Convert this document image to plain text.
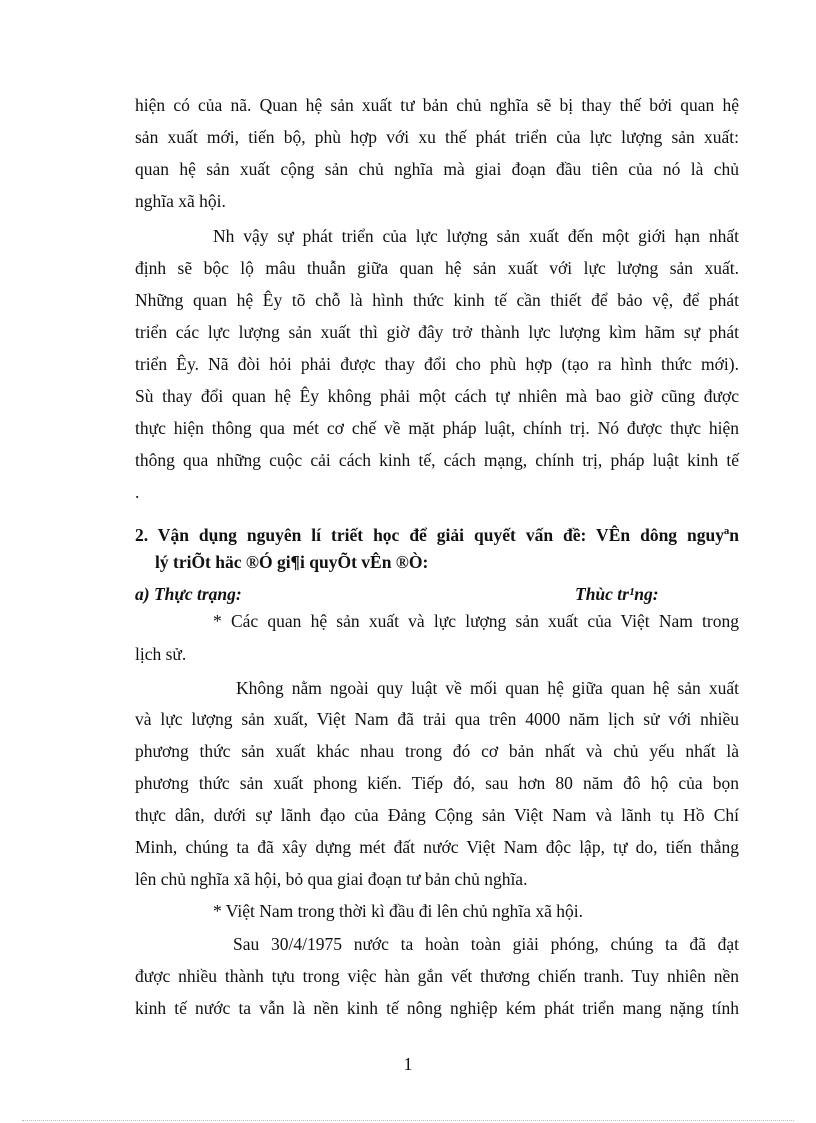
hiện có của nã. Quan hệ sản xuất tư bản chủ nghĩa sẽ bị thay thế bởi quan hệ
sản xuất mới, tiến bộ, phù hợp với xu thế phát triển của lực lượng sản xuất:
quan hệ sản xuất cộng sản chủ nghĩa mà giai đoạn đầu tiên của nó là chủ
nghĩa xã hội.
Nh vậy sự phát triển của lực lượng sản xuất đến một giới hạn nhất
định sẽ bộc lộ mâu thuẫn giữa quan hệ sản xuất với lực lượng sản xuất.
Những quan hệ Êy tõ chỗ là hình thức kinh tế cần thiết để bảo vệ, để phát
triển các lực lượng sản xuất thì giờ đây trở thành lực lượng kìm hãm sự phát
triển Êy. Nã đòi hỏi phải được thay đổi cho phù hợp (tạo ra hình thức mới).
Sù thay đổi quan hệ Êy không phải một cách tự nhiên mà bao giờ cũng được
thực hiện thông qua mét cơ chế về mặt pháp luật, chính trị. Nó được thực hiện
thông qua những cuộc cải cách kinh tế, cách mạng, chính trị, pháp luật kinh tế
.
2. Vận dụng nguyên lí triết học để giải quyết vấn đề: VÊn dông nguyªn
lý triÕt häc ®Ó gi¶i quyÕt vÊn ®Ò:
a) Thực trạng:	Thùc tr¹ng:
* Các quan hệ sản xuất và lực lượng sản xuất của Việt Nam trong
lịch sử.
Không nằm ngoài quy luật về mối quan hệ giữa quan hệ sản xuất
và lực lượng sản xuất, Việt Nam đã trải qua trên 4000 năm lịch sử với nhiều
phương thức sản xuất khác nhau trong đó cơ bản nhất và chủ yếu nhất là
phương thức sản xuất phong kiến. Tiếp đó, sau hơn 80 năm đô hộ của bọn
thực dân, dưới sự lãnh đạo của Đảng Cộng sản Việt Nam và lãnh tụ Hồ Chí
Minh, chúng ta đã xây dựng mét đất nước Việt Nam độc lập, tự do, tiến thẳng
lên chủ nghĩa xã hội, bỏ qua giai đoạn tư bản chủ nghĩa.
* Việt Nam trong thời kì đầu đi lên chủ nghĩa xã hội.
Sau 30/4/1975 nước ta hoàn toàn giải phóng, chúng ta đã đạt
được nhiều thành tựu trong việc hàn gắn vết thương chiến tranh. Tuy nhiên nền
kinh tế nước ta vẫn là nền kinh tế nông nghiệp kém phát triển mang nặng tính
1
